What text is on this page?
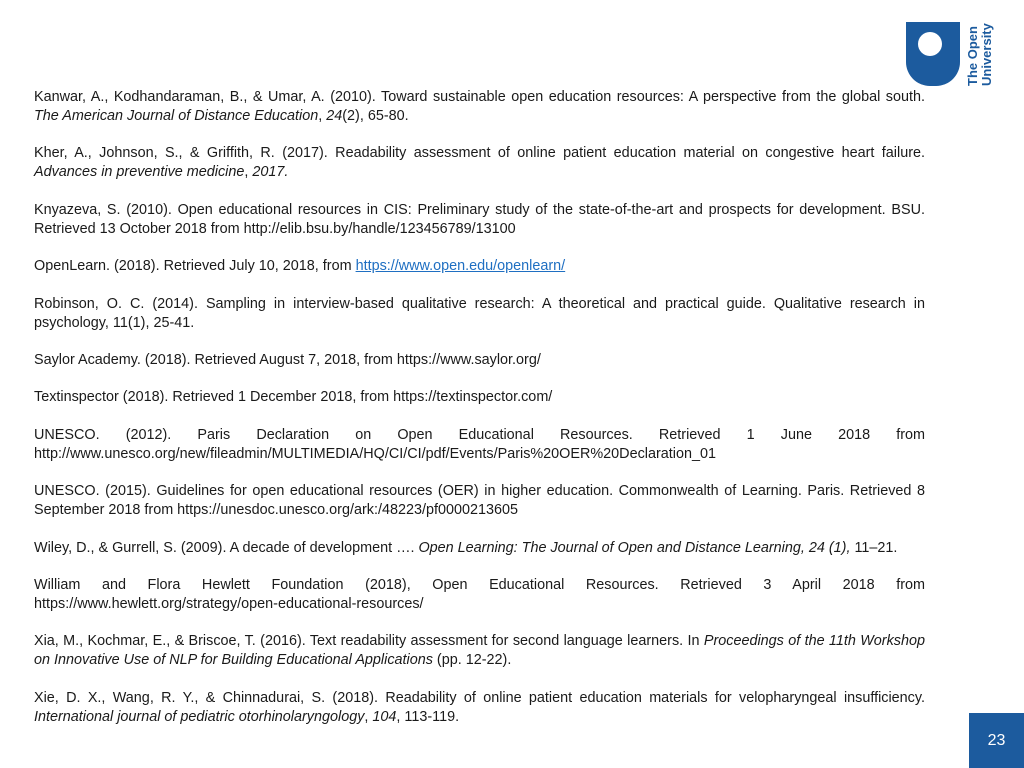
The Open University

Kanwar, A., Kodhandaraman, B., & Umar, A. (2010). Toward sustainable open education resources: A perspective from the global south. The American Journal of Distance Education, 24(2), 65-80.

Kher, A., Johnson, S., & Griffith, R. (2017). Readability assessment of online patient education material on congestive heart failure. Advances in preventive medicine, 2017.

Knyazeva, S. (2010). Open educational resources in CIS: Preliminary study of the state-of-the-art and prospects for development. BSU. Retrieved 13 October 2018 from http://elib.bsu.by/handle/123456789/13100

OpenLearn. (2018). Retrieved July 10, 2018, from https://www.open.edu/openlearn/

Robinson, O. C. (2014). Sampling in interview-based qualitative research: A theoretical and practical guide. Qualitative research in psychology, 11(1), 25-41.

Saylor Academy. (2018). Retrieved August 7, 2018, from https://www.saylor.org/

Textinspector (2018). Retrieved 1 December 2018, from https://textinspector.com/

UNESCO. (2012). Paris Declaration on Open Educational Resources. Retrieved 1 June 2018 from http://www.unesco.org/new/fileadmin/MULTIMEDIA/HQ/CI/CI/pdf/Events/Paris%20OER%20Declaration_01

UNESCO. (2015). Guidelines for open educational resources (OER) in higher education. Commonwealth of Learning. Paris. Retrieved 8 September 2018 from https://unesdoc.unesco.org/ark:/48223/pf0000213605

Wiley, D., & Gurrell, S. (2009). A decade of development …. Open Learning: The Journal of Open and Distance Learning, 24 (1), 11–21.

William and Flora Hewlett Foundation (2018), Open Educational Resources. Retrieved 3 April 2018 from https://www.hewlett.org/strategy/open-educational-resources/

Xia, M., Kochmar, E., & Briscoe, T. (2016). Text readability assessment for second language learners. In Proceedings of the 11th Workshop on Innovative Use of NLP for Building Educational Applications (pp. 12-22).

Xie, D. X., Wang, R. Y., & Chinnadurai, S. (2018). Readability of online patient education materials for velopharyngeal insufficiency. International journal of pediatric otorhinolaryngology, 104, 113-119.

23
